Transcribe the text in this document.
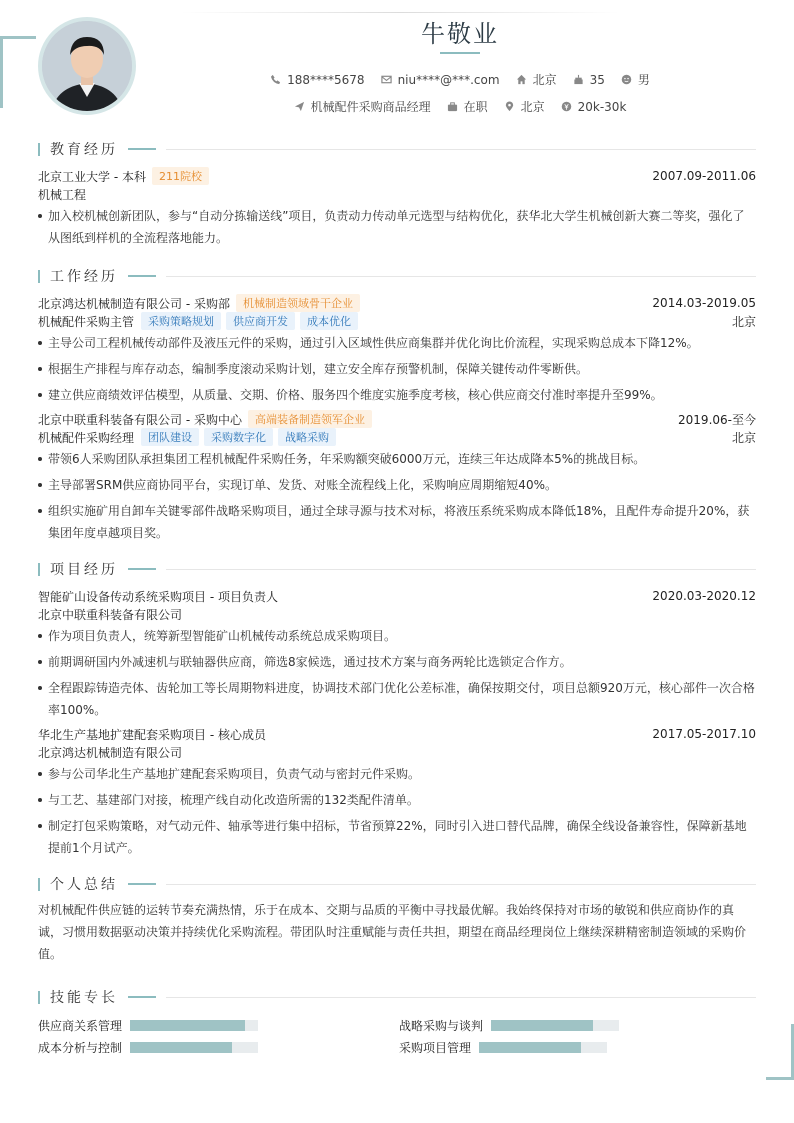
牛敬业
188****5678	niu****@***.com	北京	35	男
机械配件采购商品经理	在职	北京	20k-30k
教育经历
北京工业大学 - 本科	211院校	2007.09-2011.06
机械工程
加入校机械创新团队，参与“自动分拣输送线”项目，负责动力传动单元选型与结构优化，获华北大学生机械创新大赛二等奖，强化了从图纸到样机的全流程落地能力。
工作经历
北京鸿达机械制造有限公司 - 采购部	机械制造领域骨干企业	2014.03-2019.05
机械配件采购主管	采购策略规划	供应商开发	成本优化	北京
主导公司工程机械传动部件及液压元件的采购，通过引入区域性供应商集群并优化询比价流程，实现采购总成本下降12%。
根据生产排程与库存动态，编制季度滚动采购计划，建立安全库存预警机制，保障关键传动件零断供。
建立供应商绩效评估模型，从质量、交期、价格、服务四个维度实施季度考核，核心供应商交付准时率提升至99%。
北京中联重科装备有限公司 - 采购中心	高端装备制造领军企业	2019.06-至今
机械配件采购经理	团队建设	采购数字化	战略采购	北京
带领6人采购团队承担集团工程机械配件采购任务，年采购额突破6000万元，连续三年达成降本5%的挑战目标。
主导部署SRM供应商协同平台，实现订单、发货、对账全流程线上化，采购响应周期缩短40%。
组织实施矿用自卸车关键零部件战略采购项目，通过全球寻源与技术对标，将液压系统采购成本降低18%，且配件寿命提升20%，获集团年度卓越项目奖。
项目经历
智能矿山设备传动系统采购项目 - 项目负责人	2020.03-2020.12
北京中联重科装备有限公司
作为项目负责人，统筹新型智能矿山机械传动系统总成采购项目。
前期调研国内外减速机与联轴器供应商，筛选8家候选，通过技术方案与商务两轮比选锁定合作方。
全程跟踪铸造壳体、齿轮加工等长周期物料进度，协调技术部门优化公差标准，确保按期交付，项目总额920万元，核心部件一次合格率100%。
华北生产基地扩建配套采购项目 - 核心成员	2017.05-2017.10
北京鸿达机械制造有限公司
参与公司华北生产基地扩建配套采购项目，负责气动与密封元件采购。
与工艺、基建部门对接，梳理产线自动化改造所需的132类配件清单。
制定打包采购策略，对气动元件、轴承等进行集中招标，节省预算22%，同时引入进口替代品牌，确保全线设备兼容性，保障新基地提前1个月试产。
个人总结
对机械配件供应链的运转节奏充满热情，乐于在成本、交期与品质的平衡中寻找最优解。我始终保持对市场的敏锐和供应商协作的真诚，习惯用数据驱动决策并持续优化采购流程。带团队时注重赋能与责任共担，期望在商品经理岗位上继续深耕精密制造领域的采购价值。
技能专长
供应商关系管理	战略采购与谈判
成本分析与控制	采购项目管理
